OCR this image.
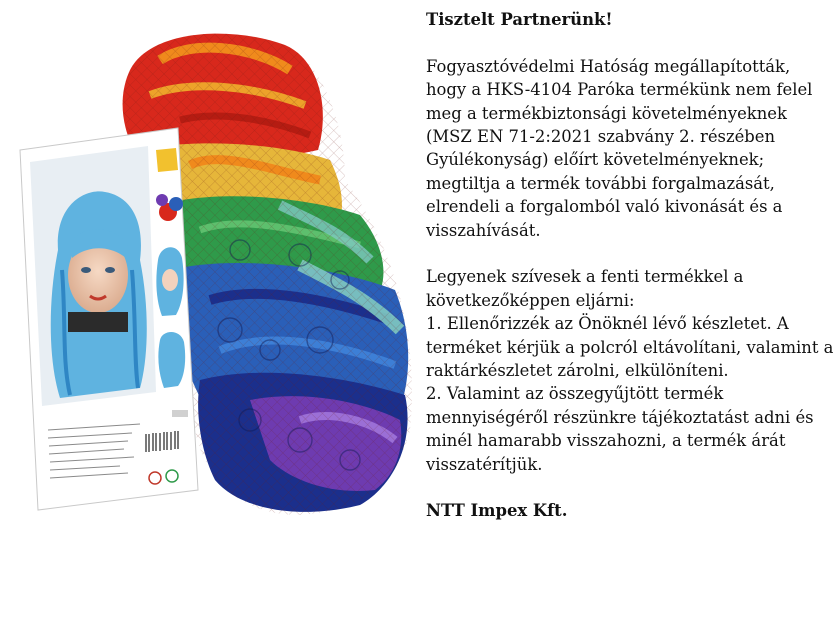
Tisztelt Partnerünk!

Fogyasztóvédelmi Hatóság megállapították, hogy a HKS-4104 Paróka termékünk nem felel meg a termékbiztonsági követelményeknek (MSZ EN 71-2:2021 szabvány 2. részében Gyúlékonyság) előírt követelményeknek; megtiltja a termék további forgalmazását, elrendeli a forgalomból való kivonását és a visszahívását.

Legyenek szívesek a fenti termékkel a következőképpen eljárni:

1. Ellenőrizzék az Önöknél lévő készletet. A terméket kérjük a polcról eltávolítani, valamint a raktárkészletet zárolni, elkülöníteni.

2. Valamint az összegyűjtött termék mennyiségéről részünkre tájékoztatást adni és minél hamarabb visszahozni, a termék árát visszatérítjük.

NTT Impex Kft.
